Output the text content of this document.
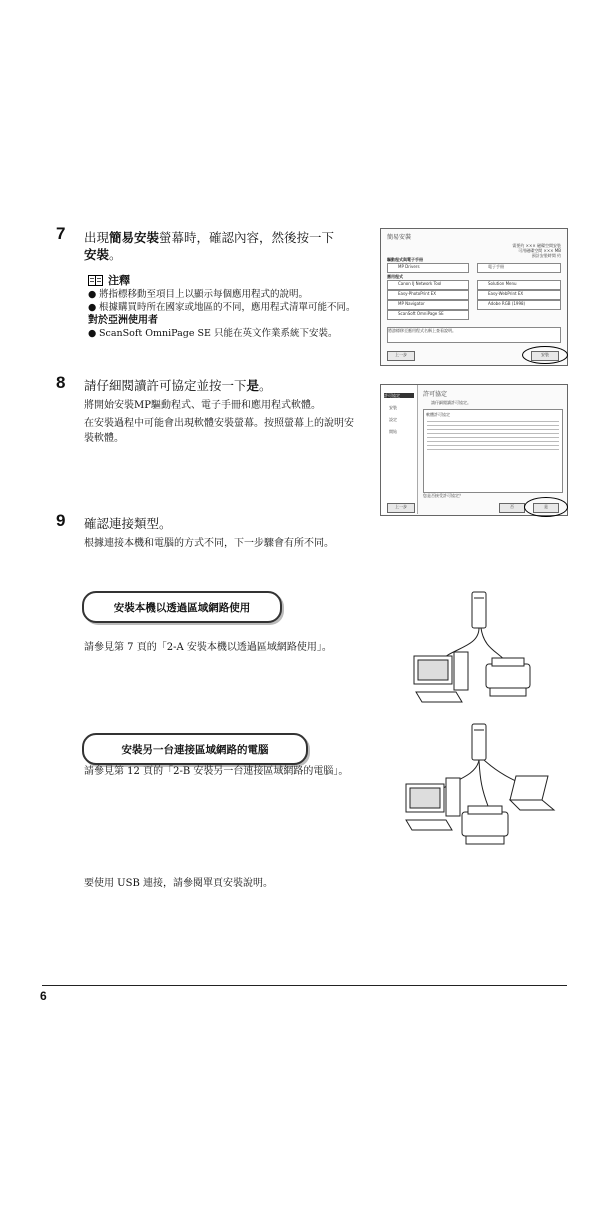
7 出現簡易安裝螢幕時，確認內容，然後按一下
安裝。
注釋
● 將指標移動至項目上以顯示每個應用程式的說明。
● 根據購買時所在國家或地區的不同，應用程式清單可能不同。
對於亞洲使用者
● ScanSoft OmniPage SE 只能在英文作業系統下安裝。
簡易安裝
需要約 ××× 磁碟空間安裝
可用磁碟空間 ××× MB
預計安裝時間 約
驅動程式與電子手冊
MP Drivers	電子手冊
應用程式
Canon IJ Network Tool	Solution Menu
Easy-PhotoPrint EX	Easy-WebPrint EX
MP Navigator	Adobe RGB (1998)
ScanSoft OmniPage SE
將游標移至應用程式名稱上查看說明。
上一步	安裝
8 請仔細閱讀許可協定並按一下是。
將開始安裝MP驅動程式、電子手冊和應用程式軟體。
在安裝過程中可能會出現軟體安裝螢幕。按照螢幕上的說明安裝軟體。
許可協定
安裝
設定
開始
許可協定
請仔細閱讀許可協定。
軟體許可協定
您是否接受許可協定？
上一步	否	是
9 確認連接類型。
根據連接本機和電腦的方式不同，下一步驟會有所不同。
安裝本機以透過區域網路使用
請參見第 7 頁的「2-A 安裝本機以透過區域網路使用」。
安裝另一台連接區域網路的電腦
請參見第 12 頁的「2-B 安裝另一台連接區域網路的電腦」。
要使用 USB 連接，請參閱單頁安裝說明。
6
